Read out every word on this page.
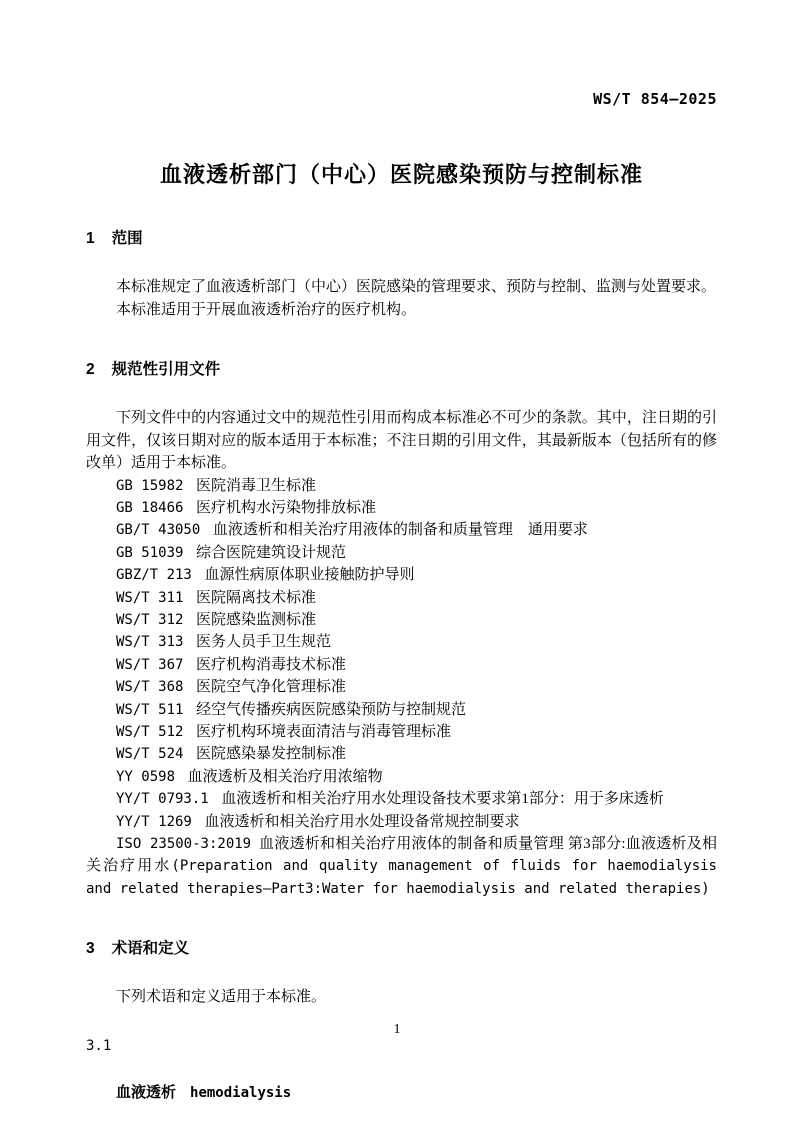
WS/T 854—2025
血液透析部门（中心）医院感染预防与控制标准
1 范围

本标准规定了血液透析部门（中心）医院感染的管理要求、预防与控制、监测与处置要求。

本标准适用于开展血液透析治疗的医疗机构。

2 规范性引用文件

下列文件中的内容通过文中的规范性引用而构成本标准必不可少的条款。其中，注日期的引用文件，仅该日期对应的版本适用于本标准；不注日期的引用文件，其最新版本（包括所有的修改单）适用于本标准。

GB 15982 医院消毒卫生标准
GB 18466 医疗机构水污染物排放标准
GB/T 43050 血液透析和相关治疗用液体的制备和质量管理　通用要求
GB 51039 综合医院建筑设计规范
GBZ/T 213 血源性病原体职业接触防护导则
WS/T 311 医院隔离技术标准
WS/T 312 医院感染监测标准
WS/T 313 医务人员手卫生规范
WS/T 367 医疗机构消毒技术标准
WS/T 368 医院空气净化管理标准
WS/T 511 经空气传播疾病医院感染预防与控制规范
WS/T 512 医疗机构环境表面清洁与消毒管理标准
WS/T 524 医院感染暴发控制标准
YY 0598 血液透析及相关治疗用浓缩物
YY/T 0793.1 血液透析和相关治疗用水处理设备技术要求第1部分：用于多床透析
YY/T 1269 血液透析和相关治疗用水处理设备常规控制要求

ISO 23500-3:2019 血液透析和相关治疗用液体的制备和质量管理 第3部分:血液透析及相关治疗用水(Preparation and quality management of fluids for haemodialysis and related therapies—Part3:Water for haemodialysis and related therapies)

3 术语和定义

下列术语和定义适用于本标准。

3.1
血液透析 hemodialysis
1
